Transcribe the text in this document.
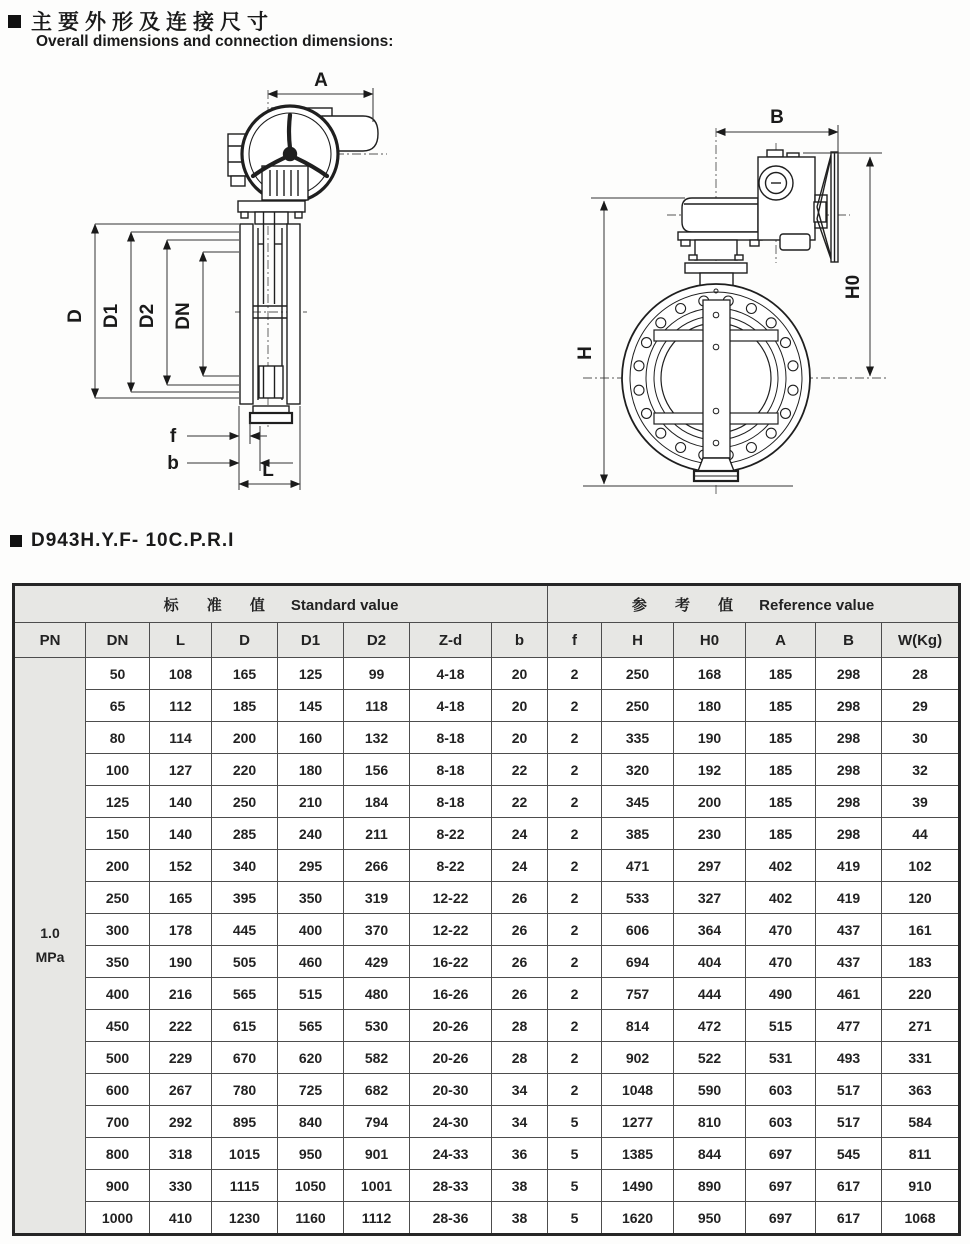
主要外形及连接尺寸
Overall dimensions and connection dimensions:
A
D D1 D2 DN
f
b	L
B
H
H0
D943H.Y.F- 10C.P.R.I
标 准 值 Standard value								参 考 值 Reference value					
PN	DN	L	D	D1	D2	Z-d	b	f	H	H0	A	B	W(Kg)

1.0
MPa	50	108	165	125	99	4-18	20	2	250	168	185	298	28
	65	112	185	145	118	4-18	20	2	250	180	185	298	29
	80	114	200	160	132	8-18	20	2	335	190	185	298	30
	100	127	220	180	156	8-18	22	2	320	192	185	298	32
	125	140	250	210	184	8-18	22	2	345	200	185	298	39
	150	140	285	240	211	8-22	24	2	385	230	185	298	44
	200	152	340	295	266	8-22	24	2	471	297	402	419	102
	250	165	395	350	319	12-22	26	2	533	327	402	419	120
	300	178	445	400	370	12-22	26	2	606	364	470	437	161
	350	190	505	460	429	16-22	26	2	694	404	470	437	183
	400	216	565	515	480	16-26	26	2	757	444	490	461	220
	450	222	615	565	530	20-26	28	2	814	472	515	477	271
	500	229	670	620	582	20-26	28	2	902	522	531	493	331
	600	267	780	725	682	20-30	34	2	1048	590	603	517	363
	700	292	895	840	794	24-30	34	5	1277	810	603	517	584
	800	318	1015	950	901	24-33	36	5	1385	844	697	545	811
	900	330	1115	1050	1001	28-33	38	5	1490	890	697	617	910
	1000	410	1230	1160	1112	28-36	38	5	1620	950	697	617	1068
